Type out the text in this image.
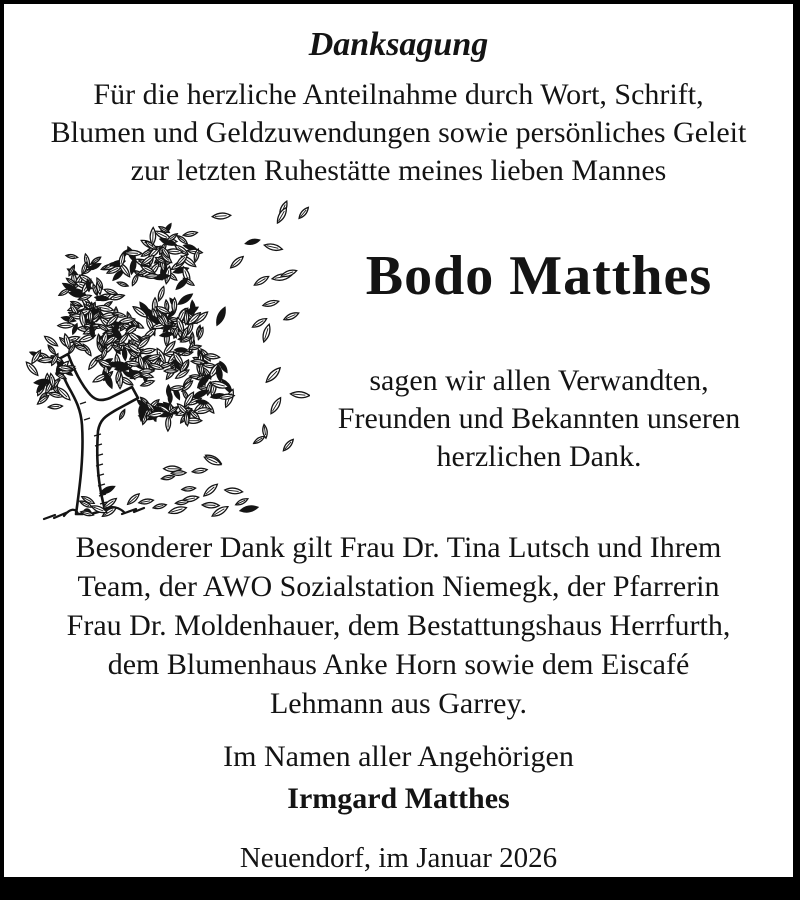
Danksagung
Für die herzliche Anteilnahme durch Wort, Schrift,
Blumen und Geldzuwendungen sowie persönliches Geleit
zur letzten Ruhestätte meines lieben Mannes
Bodo Matthes
sagen wir allen Verwandten,
Freunden und Bekannten unseren
herzlichen Dank.
Besonderer Dank gilt Frau Dr. Tina Lutsch und Ihrem
Team, der AWO Sozialstation Niemegk, der Pfarrerin
Frau Dr. Moldenhauer, dem Bestattungshaus Herrfurth,
dem Blumenhaus Anke Horn sowie dem Eiscafé
Lehmann aus Garrey.
Im Namen aller Angehörigen
Irmgard Matthes
Neuendorf, im Januar 2026
